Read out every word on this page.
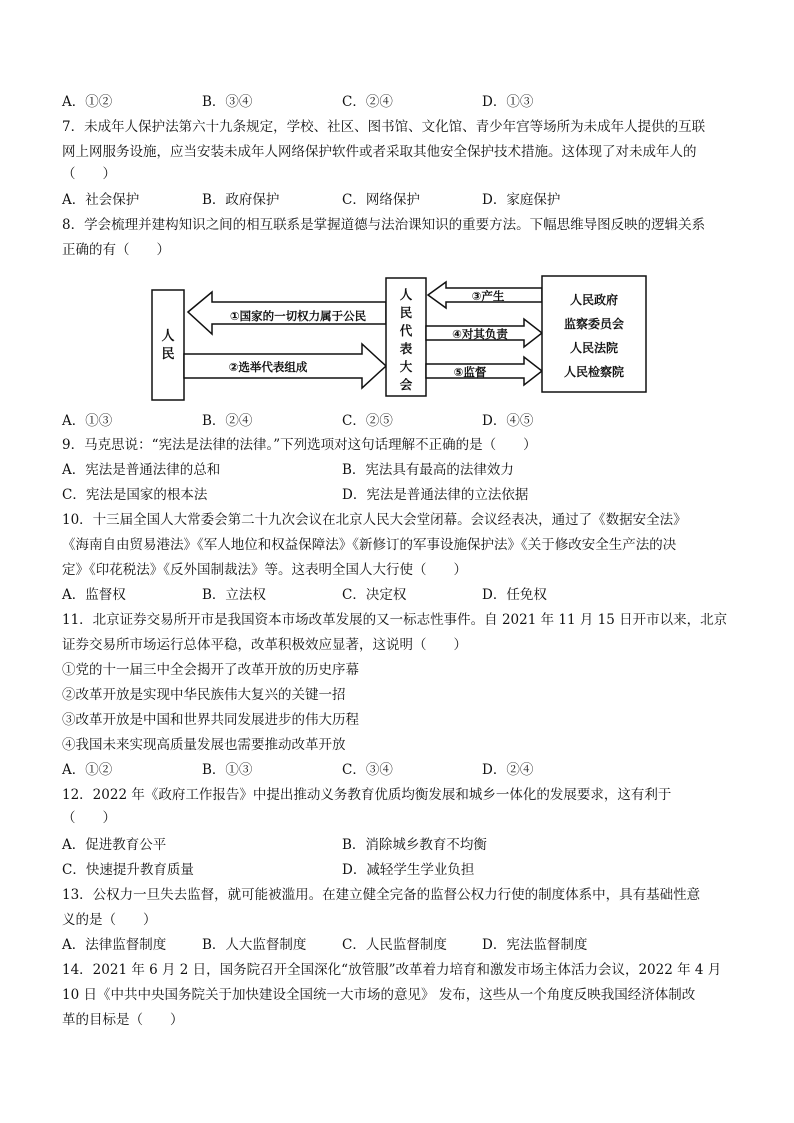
A．①②	B．③④	C．②④	D．①③
7．未成年人保护法第六十九条规定，学校、社区、图书馆、文化馆、青少年宫等场所为未成年人提供的互联
网上网服务设施，应当安装未成年人网络保护软件或者采取其他安全保护技术措施。这体现了对未成年人的
（　　）
A．社会保护	B．政府保护	C．网络保护	D．家庭保护
8．学会梳理并建构知识之间的相互联系是掌握道德与法治课知识的重要方法。下幅思维导图反映的逻辑关系
正确的有（　　）
人
民
①国家的一切权力属于公民
②选举代表组成
人
民
代
表
大
会
③产生
④对其负责
⑤监督
人民政府
监察委员会
人民法院
人民检察院
A．①③	B．②④	C．②⑤	D．④⑤
9．马克思说：“宪法是法律的法律。”下列选项对这句话理解不正确的是（　　）
A．宪法是普通法律的总和	B．宪法具有最高的法律效力
C．宪法是国家的根本法	D．宪法是普通法律的立法依据
10．十三届全国人大常委会第二十九次会议在北京人民大会堂闭幕。会议经表决，通过了《数据安全法》
《海南自由贸易港法》《军人地位和权益保障法》《新修订的军事设施保护法》《关于修改安全生产法的决
定》《印花税法》《反外国制裁法》等。这表明全国人大行使（　　）
A．监督权	B．立法权	C．决定权	D．任免权
11．北京证券交易所开市是我国资本市场改革发展的又一标志性事件。自 2021 年 11 月 15 日开市以来，北京
证券交易所市场运行总体平稳，改革积极效应显著，这说明（　　）
①党的十一届三中全会揭开了改革开放的历史序幕
②改革开放是实现中华民族伟大复兴的关键一招
③改革开放是中国和世界共同发展进步的伟大历程
④我国未来实现高质量发展也需要推动改革开放
A．①②	B．①③	C．③④	D．②④
12．2022 年《政府工作报告》中提出推动义务教育优质均衡发展和城乡一体化的发展要求，这有利于
（　　）
A．促进教育公平	B．消除城乡教育不均衡
C．快速提升教育质量	D．减轻学生学业负担
13．公权力一旦失去监督，就可能被滥用。在建立健全完备的监督公权力行使的制度体系中，具有基础性意
义的是（　　）
A．法律监督制度	B．人大监督制度	C．人民监督制度	D．宪法监督制度
14．2021 年 6 月 2 日，国务院召开全国深化“放管服”改革着力培育和激发市场主体活力会议，2022 年 4 月
10 日《中共中央国务院关于加快建设全国统一大市场的意见》 发布，这些从一个角度反映我国经济体制改
革的目标是（　　）
